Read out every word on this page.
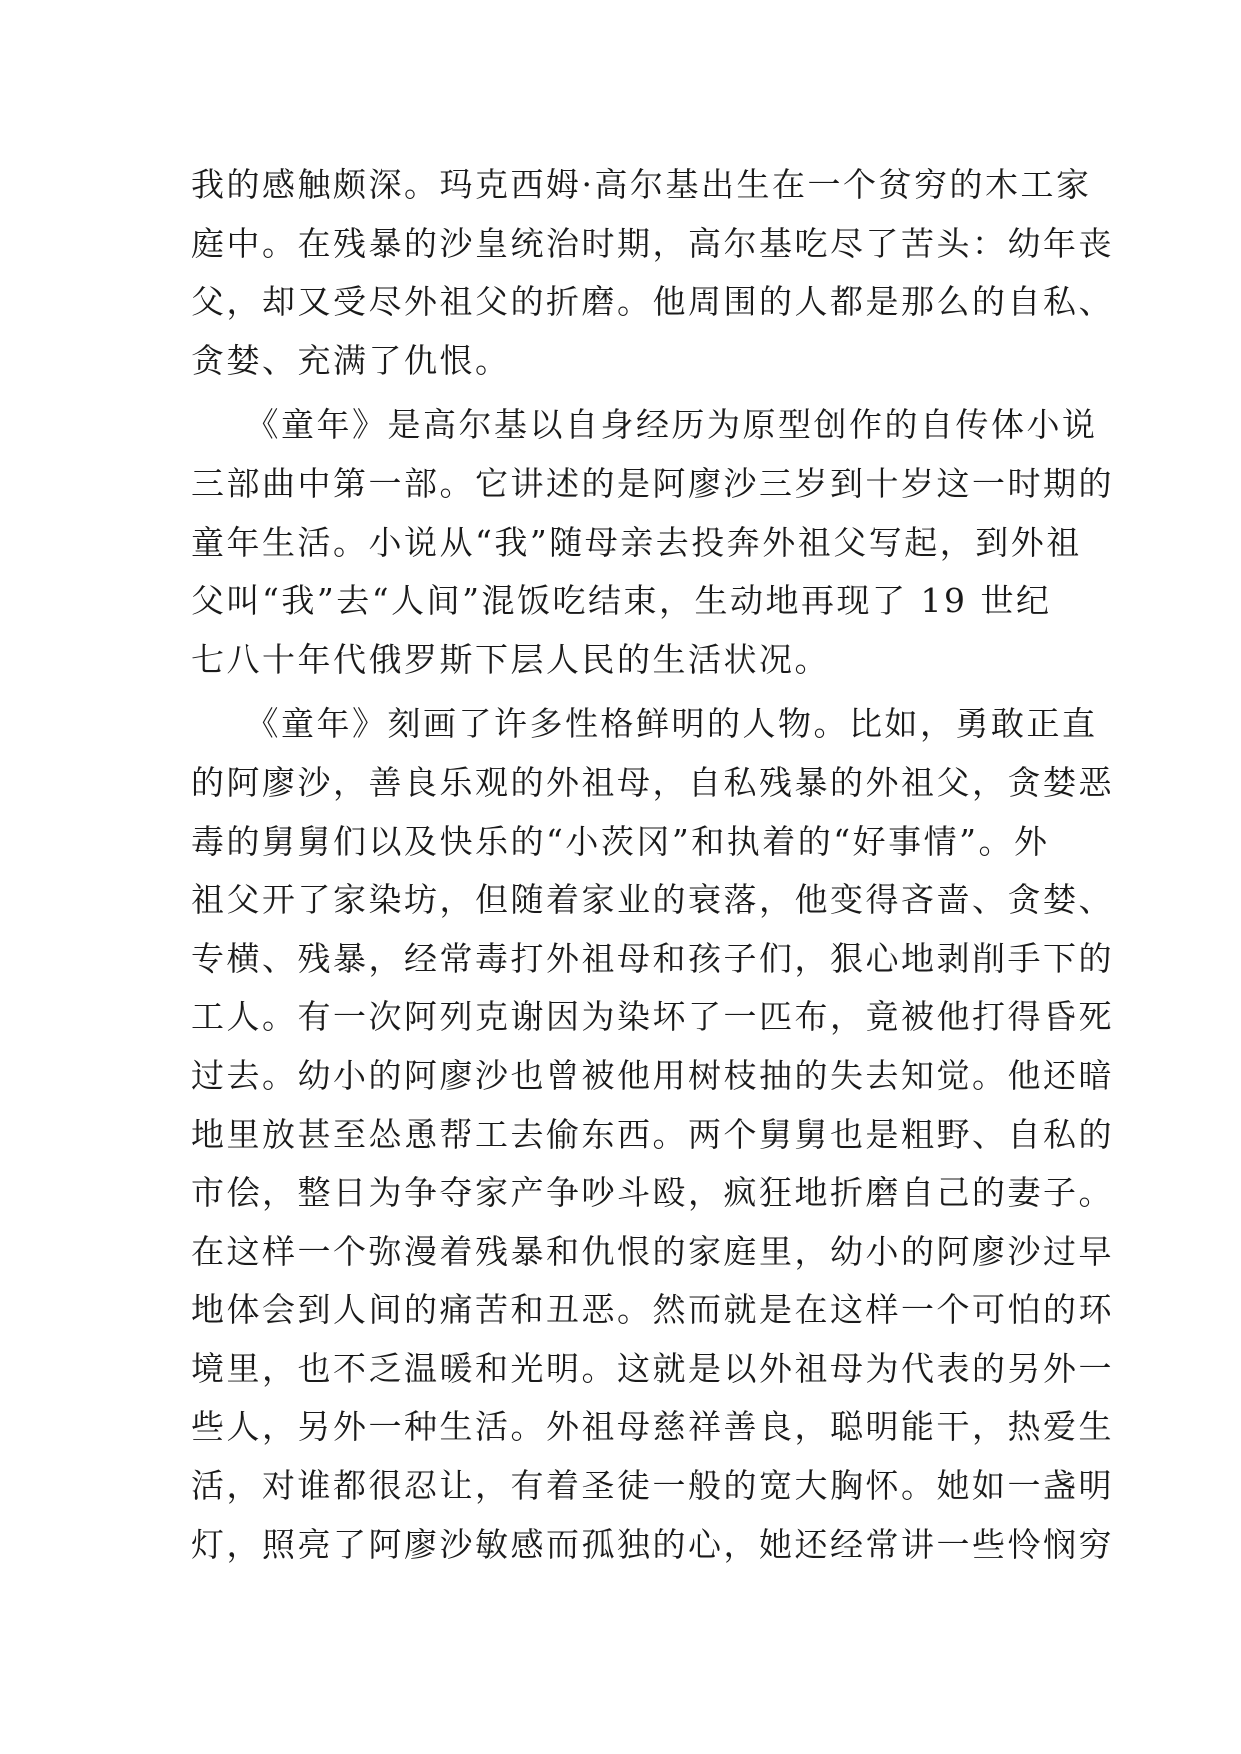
我的感触颇深。玛克西姆·高尔基出生在一个贫穷的木工家
庭中。在残暴的沙皇统治时期，高尔基吃尽了苦头：幼年丧
父，却又受尽外祖父的折磨。他周围的人都是那么的自私、
贪婪、充满了仇恨。
　　《童年》是高尔基以自身经历为原型创作的自传体小说
三部曲中第一部。它讲述的是阿廖沙三岁到十岁这一时期的
童年生活。小说从“我”随母亲去投奔外祖父写起，到外祖
父叫“我”去“人间”混饭吃结束，生动地再现了 19 世纪
七八十年代俄罗斯下层人民的生活状况。
　　《童年》刻画了许多性格鲜明的人物。比如，勇敢正直
的阿廖沙，善良乐观的外祖母，自私残暴的外祖父，贪婪恶
毒的舅舅们以及快乐的“小茨冈”和执着的“好事情”。外
祖父开了家染坊，但随着家业的衰落，他变得吝啬、贪婪、
专横、残暴，经常毒打外祖母和孩子们，狠心地剥削手下的
工人。有一次阿列克谢因为染坏了一匹布，竟被他打得昏死
过去。幼小的阿廖沙也曾被他用树枝抽的失去知觉。他还暗
地里放甚至怂恿帮工去偷东西。两个舅舅也是粗野、自私的
市侩，整日为争夺家产争吵斗殴，疯狂地折磨自己的妻子。
在这样一个弥漫着残暴和仇恨的家庭里，幼小的阿廖沙过早
地体会到人间的痛苦和丑恶。然而就是在这样一个可怕的环
境里，也不乏温暖和光明。这就是以外祖母为代表的另外一
些人，另外一种生活。外祖母慈祥善良，聪明能干，热爱生
活，对谁都很忍让，有着圣徒一般的宽大胸怀。她如一盏明
灯，照亮了阿廖沙敏感而孤独的心，她还经常讲一些怜悯穷
